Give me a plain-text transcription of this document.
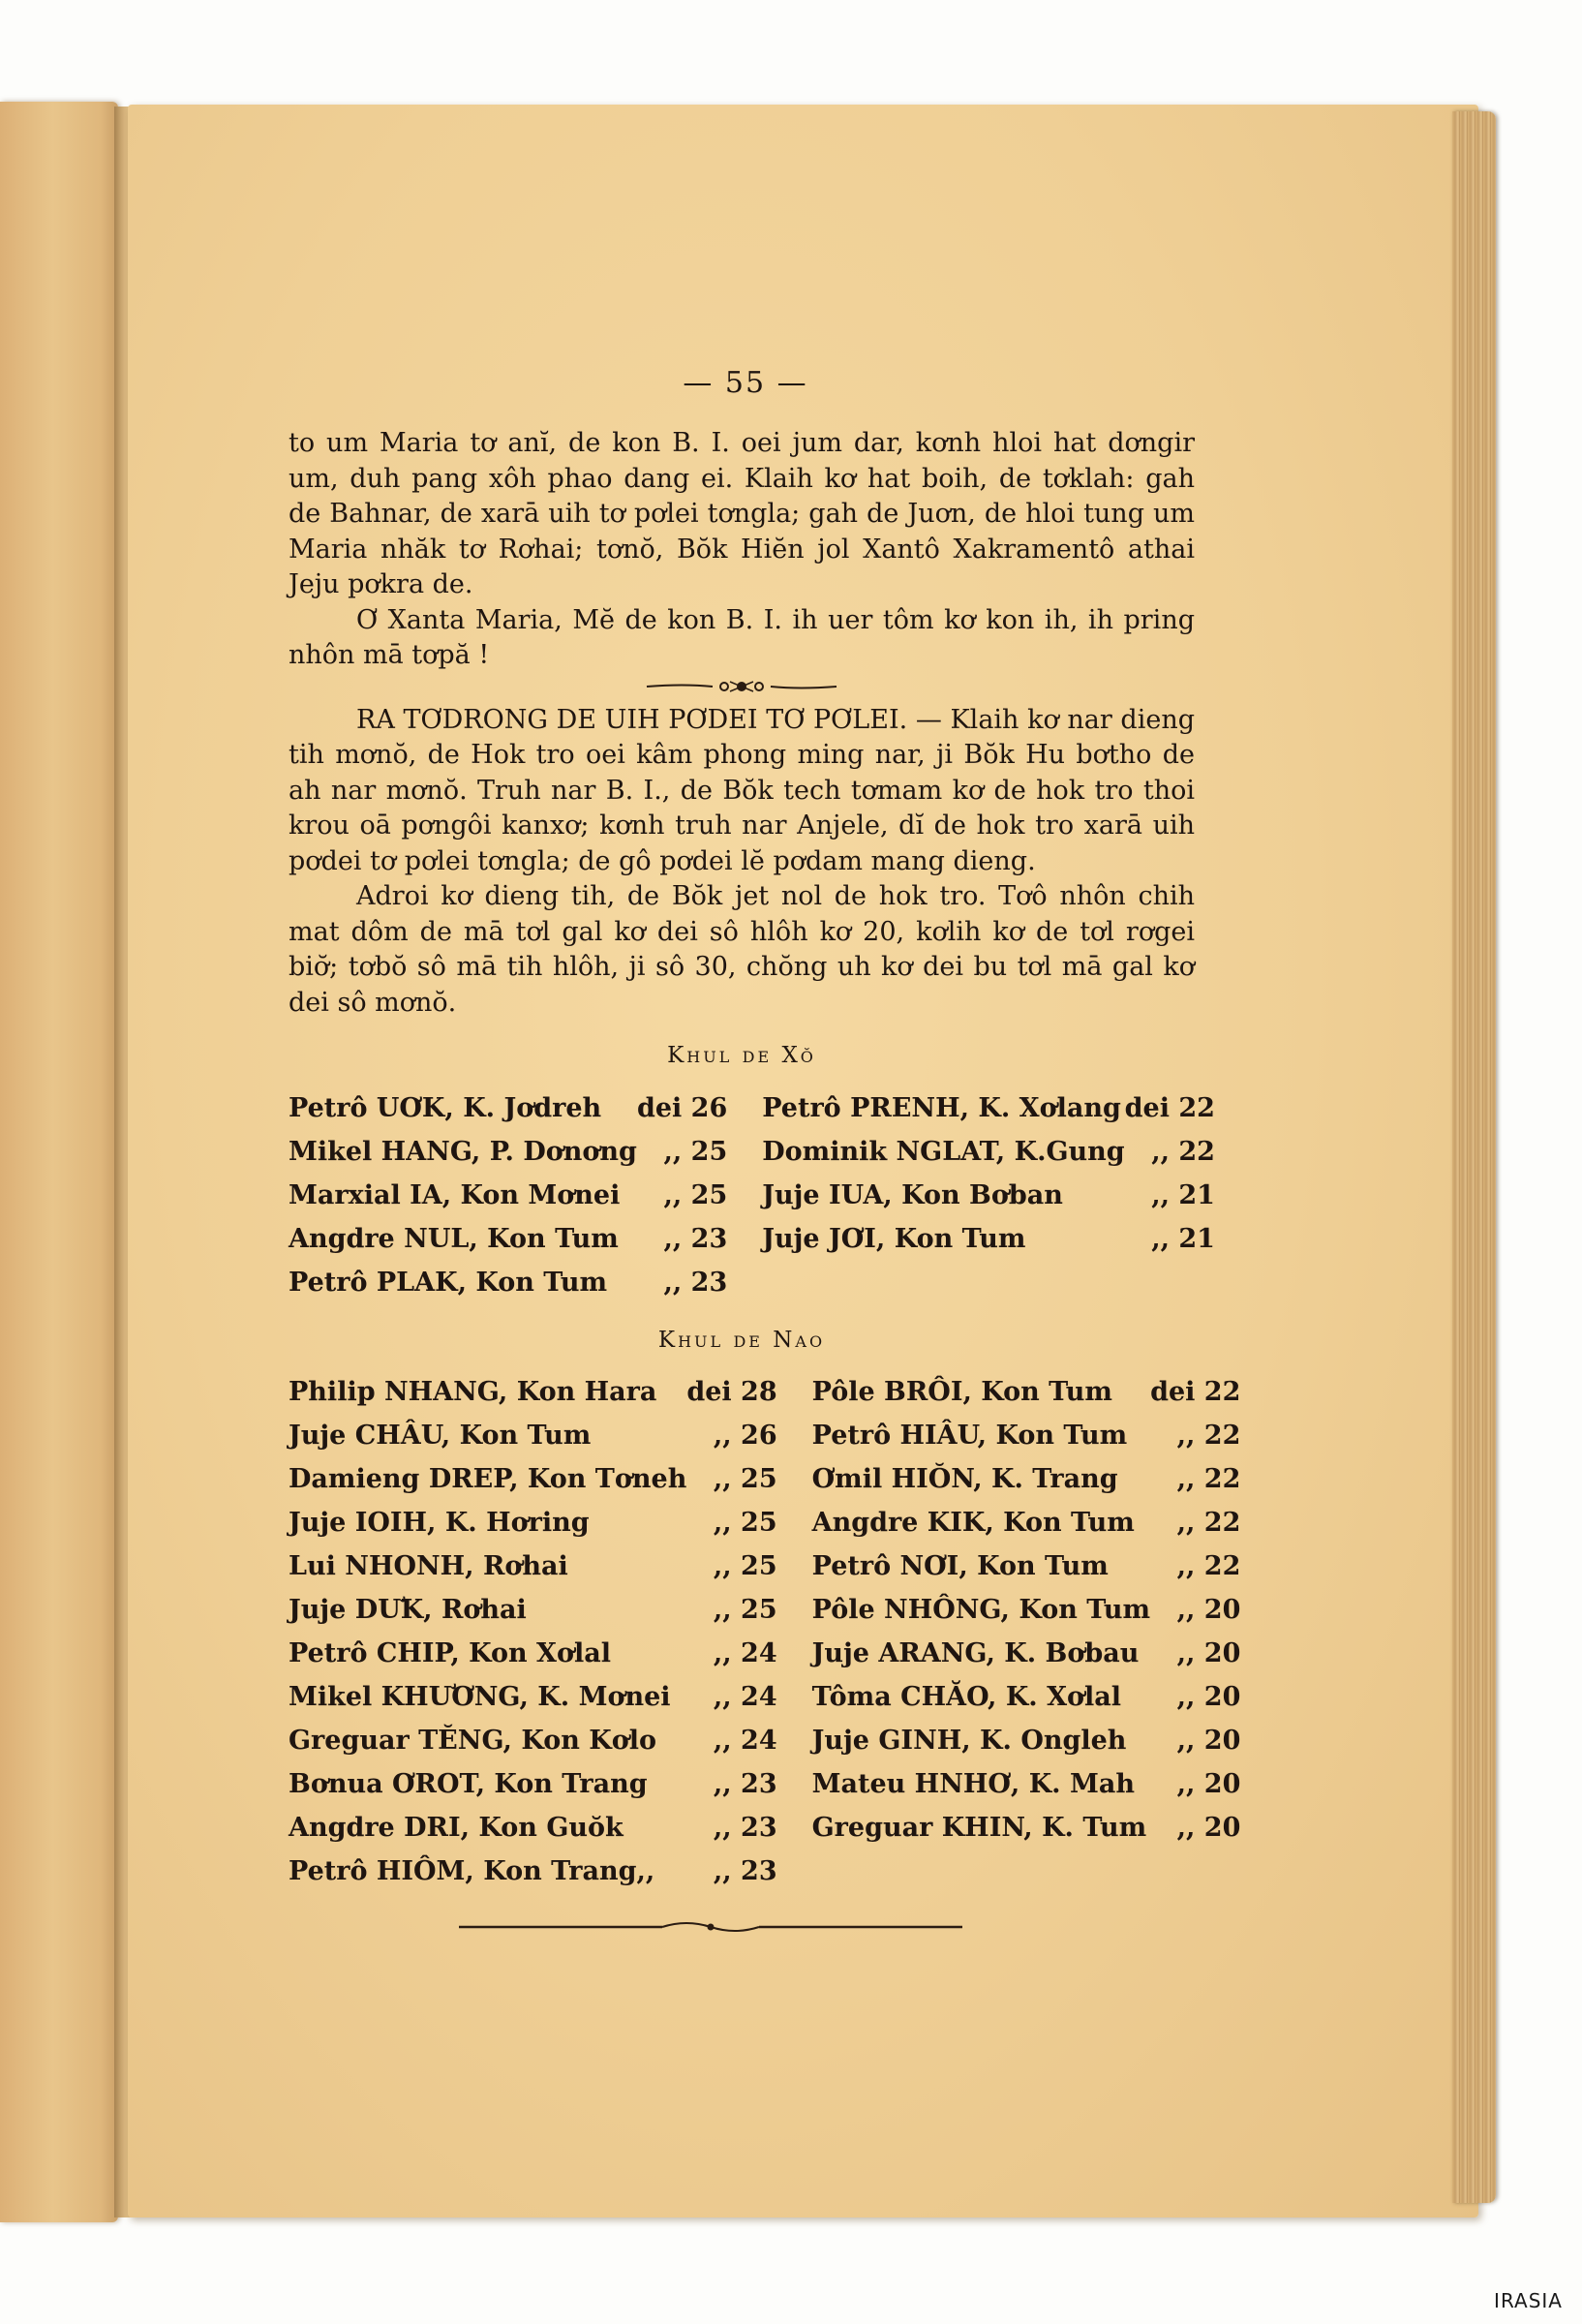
— 55 —

to um Maria tơ anĭ, de kon B. I. oei jum dar, kơnh hloi hat dơngir um, duh pang xôh phao dang ei. Klaih kơ hat boih, de tơklah: gah de Bahnar, de xarā uih tơ pơlei tơngla; gah de Juơn, de hloi tung um Maria nhăk tơ Rơhai; tơnŏ, Bŏk Hiĕn jol Xantô Xakramentô athai Jeju pơkra de.

Ơ Xanta Maria, Mĕ de kon B. I. ih uer tôm kơ kon ih, ih pring nhôn mā tơpă !

RA TƠDRONG DE UIH PƠDEI TƠ PƠLEI. — Klaih kơ nar dieng tih mơnŏ, de Hok tro oei kâm phong ming nar, ji Bŏk Hu bơtho de ah nar mơnŏ. Truh nar B. I., de Bŏk tech tơmam kơ de hok tro thoi krou oā pơngôi kanxơ; kơnh truh nar Anjele, dĭ de hok tro xarā uih pơdei tơ pơlei tơngla; de gô pơdei lĕ pơdam mang dieng.

Adroi kơ dieng tih, de Bŏk jet nol de hok tro. Tơô nhôn chih mat dôm de mā tơl gal kơ dei sô hlôh kơ 20, kơlih kơ de tơl rơgei biơ̆; tơbŏ sô mā tih hlôh, ji sô 30, chŏng uh kơ dei bu tơl mā gal kơ dei sô mơnŏ.

Khul de Xŏ
Petrô UƠK, K. Jơdreh	dei 26	Petrô PRENH, K. Xơlang	dei 22
Mikel HANG, P. Dơnơng	,, 25	Dominik NGLAT, K.Gung	,, 22
Marxial IA, Kon Mơnei	,, 25	Juje IUA, Kon Bơban	,, 21
Angdre NUL, Kon Tum	,, 23	Juje JƠI, Kon Tum	,, 21
Petrô PLAK, Kon Tum	,, 23		
Khul de Nao
Philip NHANG, Kon Hara	dei 28	Pôle BRÔI, Kon Tum	dei 22
Juje CHÂU, Kon Tum	,, 26	Petrô HIÂU, Kon Tum	,, 22
Damieng DREP, Kon Tơneh	,, 25	Ơmil HIŎN, K. Trang	,, 22
Juje IOIH, K. Hơring	,, 25	Angdre KIK, Kon Tum	,, 22
Lui NHONH, Rơhai	,, 25	Petrô NƠI, Kon Tum	,, 22
Juje DƯK, Rơhai	,, 25	Pôle NHÔNG, Kon Tum	,, 20
Petrô CHIP, Kon Xơlal	,, 24	Juje ARANG, K. Bơbau	,, 20
Mikel KHƯƠNG, K. Mơnei	,, 24	Tôma CHĂO, K. Xơlal	,, 20
Greguar TĔNG, Kon Kơlo	,, 24	Juje GINH, K. Ongleh	,, 20
Bơnua ƠROT, Kon Trang	,, 23	Mateu HNHƠ, K. Mah	,, 20
Angdre DRI, Kon Guŏk	,, 23	Greguar KHIN, K. Tum	,, 20
Petrô HIÔM, Kon Trang,,	,, 23		
IRASIA
